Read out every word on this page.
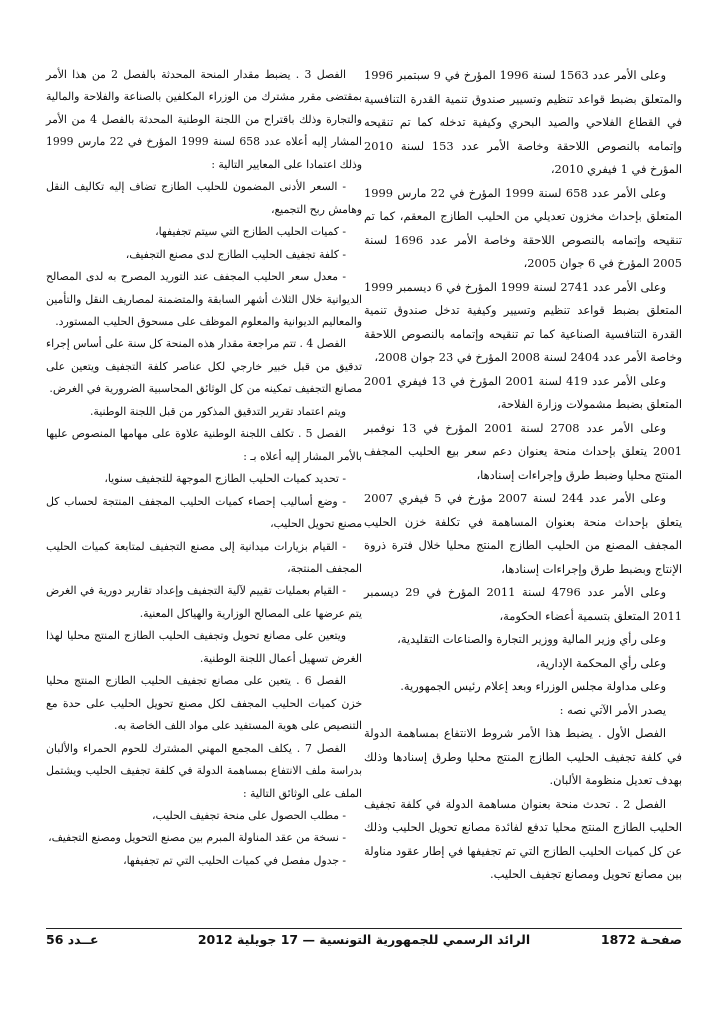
وعلى الأمر عدد 1563 لسنة 1996 المؤرخ في 9 سبتمبر 1996 والمتعلق بضبط قواعد تنظيم وتسيير صندوق تنمية القدرة التنافسية في القطاع الفلاحي والصيد البحري وكيفية تدخله كما تم تنقيحه وإتمامه بالنصوص اللاحقة وخاصة الأمر عدد 153 لسنة 2010 المؤرخ في 1 فيفري 2010،

وعلى الأمر عدد 658 لسنة 1999 المؤرخ في 22 مارس 1999 المتعلق بإحداث مخزون تعديلي من الحليب الطازج المعقم، كما تم تنقيحه وإتمامه بالنصوص اللاحقة وخاصة الأمر عدد 1696 لسنة 2005 المؤرخ في 6 جوان 2005،

وعلى الأمر عدد 2741 لسنة 1999 المؤرخ في 6 ديسمبر 1999 المتعلق بضبط قواعد تنظيم وتسيير وكيفية تدخل صندوق تنمية القدرة التنافسية الصناعية كما تم تنقيحه وإتمامه بالنصوص اللاحقة وخاصة الأمر عدد 2404 لسنة 2008 المؤرخ في 23 جوان 2008،

وعلى الأمر عدد 419 لسنة 2001 المؤرخ في 13 فيفري 2001 المتعلق بضبط مشمولات وزارة الفلاحة،

وعلى الأمر عدد 2708 لسنة 2001 المؤرخ في 13 نوفمبر 2001 يتعلق بإحداث منحة يعنوان دعم سعر بيع الحليب المجفف المنتج محليا وضبط طرق وإجراءات إسنادها،

وعلى الأمر عدد 244 لسنة 2007 مؤرخ في 5 فيفري 2007 يتعلق بإحداث منحة بعنوان المساهمة في تكلفة خزن الحليب المجفف المصنع من الحليب الطازج المنتج محليا خلال فترة ذروة الإنتاج وبضبط طرق وإجراءات إسنادها،

وعلى الأمر عدد 4796 لسنة 2011 المؤرخ في 29 ديسمبر 2011 المتعلق بتسمية أعضاء الحكومة،

وعلى رأي وزير المالية ووزير التجارة والصناعات التقليدية،

وعلى رأي المحكمة الإدارية،

وعلى مداولة مجلس الوزراء وبعد إعلام رئيس الجمهورية.

يصدر الأمر الآتي نصه :

الفصل الأول . يضبط هذا الأمر شروط الانتفاع بمساهمة الدولة في كلفة تجفيف الحليب الطازج المنتج محليا وطرق إسنادها وذلك بهدف تعديل منظومة الألبان.

الفصل 2 . تحدث منحة بعنوان مساهمة الدولة في كلفة تجفيف الحليب الطازج المنتج محليا تدفع لفائدة مصانع تحويل الحليب وذلك عن كل كميات الحليب الطازج التي تم تجفيفها في إطار عقود مناولة بين مصانع تحويل ومصانع تجفيف الحليب.

الفصل 3 . يضبط مقدار المنحة المحدثة بالفصل 2 من هذا الأمر بمقتضى مقرر مشترك من الوزراء المكلفين بالصناعة والفلاحة والمالية والتجارة وذلك باقتراح من اللجنة الوطنية المحدثة بالفصل 4 من الأمر المشار إليه أعلاه عدد 658 لسنة 1999 المؤرخ في 22 مارس 1999 وذلك اعتمادا على المعايير التالية :

- السعر الأدنى المضمون للحليب الطازج تضاف إليه تكاليف النقل وهامش ربح التجميع،

- كميات الحليب الطازج التي سيتم تجفيفها،

- كلفة تجفيف الحليب الطازج لدى مصنع التجفيف،

- معدل سعر الحليب المجفف عند التوريد المصرح به لدى المصالح الديوانية خلال الثلاث أشهر السابقة والمتضمنة لمصاريف النقل والتأمين والمعاليم الديوانية والمعلوم الموظف على مسحوق الحليب المستورد.

الفصل 4 . تتم مراجعة مقدار هذه المنحة كل سنة على أساس إجراء تدقيق من قبل خبير خارجي لكل عناصر كلفة التجفيف ويتعين على مصانع التجفيف تمكينه من كل الوثائق المحاسبية الضرورية في الغرض.

ويتم اعتماد تقرير التدقيق المذكور من قبل اللجنة الوطنية.

الفصل 5 . تكلف اللجنة الوطنية علاوة على مهامها المنصوص عليها بالأمر المشار إليه أعلاه بـ :

- تحديد كميات الحليب الطازج الموجهة للتجفيف سنويا،

- وضع أساليب إحصاء كميات الحليب المجفف المنتجة لحساب كل مصنع تحويل الحليب،

- القيام بزيارات ميدانية إلى مصنع التجفيف لمتابعة كميات الحليب المجفف المنتجة،

- القيام بعمليات تقييم لآلية التجفيف وإعداد تقارير دورية في الغرض يتم عرضها على المصالح الوزارية والهياكل المعنية.

ويتعين على مصانع تحويل وتجفيف الحليب الطازج المنتج محليا لهذا الغرض تسهيل أعمال اللجنة الوطنية.

الفصل 6 . يتعين على مصانع تجفيف الحليب الطازج المنتج محليا خزن كميات الحليب المجفف لكل مصنع تحويل الحليب على حدة مع التنصيص على هوية المستفيد على مواد اللف الخاصة به.

الفصل 7 . يكلف المجمع المهني المشترك للحوم الحمراء والألبان بدراسة ملف الانتفاع بمساهمة الدولة في كلفة تجفيف الحليب ويشتمل الملف على الوثائق التالية :

- مطلب الحصول على منحة تجفيف الحليب،

- نسخة من عقد المناولة المبرم بين مصنع التحويل ومصنع التجفيف،

- جدول مفصل في كميات الحليب التي تم تجفيفها،

صفحـة 1872
الرائد الرسمي للجمهورية التونسية — 17 جويلية 2012
عــدد 56
